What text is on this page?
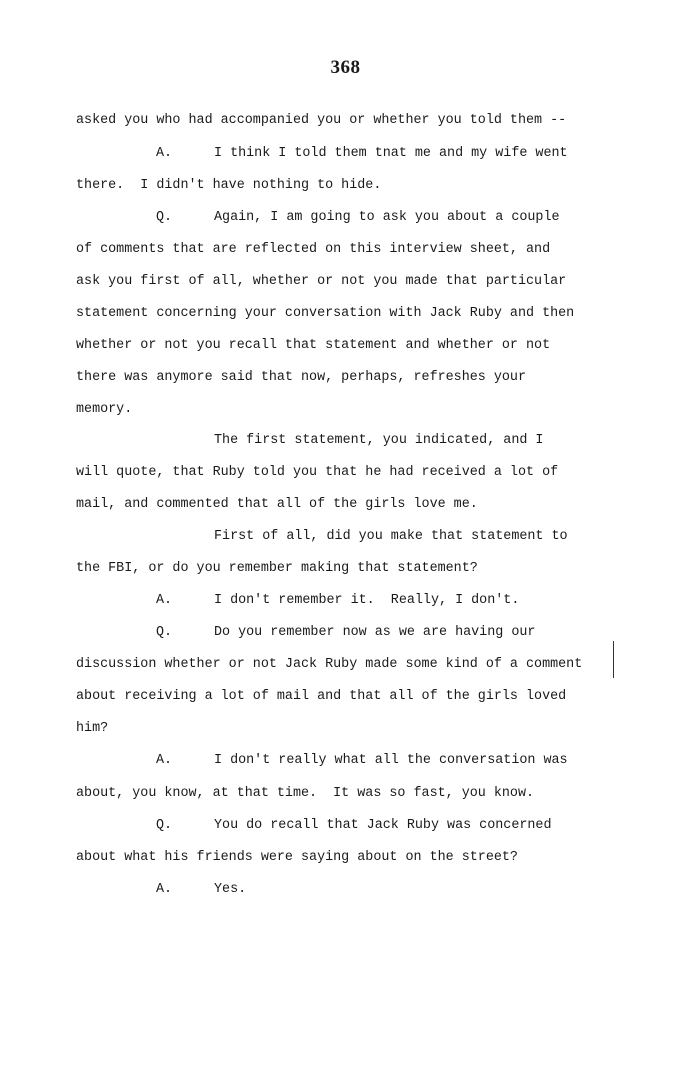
368
asked you who had accompanied you or whether you told them --
A.	I think I told them tnat me and my wife went
there.  I didn't have nothing to hide.
Q.	Again, I am going to ask you about a couple
of comments that are reflected on this interview sheet, and
ask you first of all, whether or not you made that particular
statement concerning your conversation with Jack Ruby and then
whether or not you recall that statement and whether or not
there was anymore said that now, perhaps, refreshes your
memory.
The first statement, you indicated, and I
will quote, that Ruby told you that he had received a lot of
mail, and commented that all of the girls love me.
First of all, did you make that statement to
the FBI, or do you remember making that statement?
A.	I don't remember it.  Really, I don't.
Q.	Do you remember now as we are having our
discussion whether or not Jack Ruby made some kind of a comment
about receiving a lot of mail and that all of the girls loved
him?
A.	I don't really what all the conversation was
about, you know, at that time.  It was so fast, you know.
Q.	You do recall that Jack Ruby was concerned
about what his friends were saying about on the street?
A.	Yes.
